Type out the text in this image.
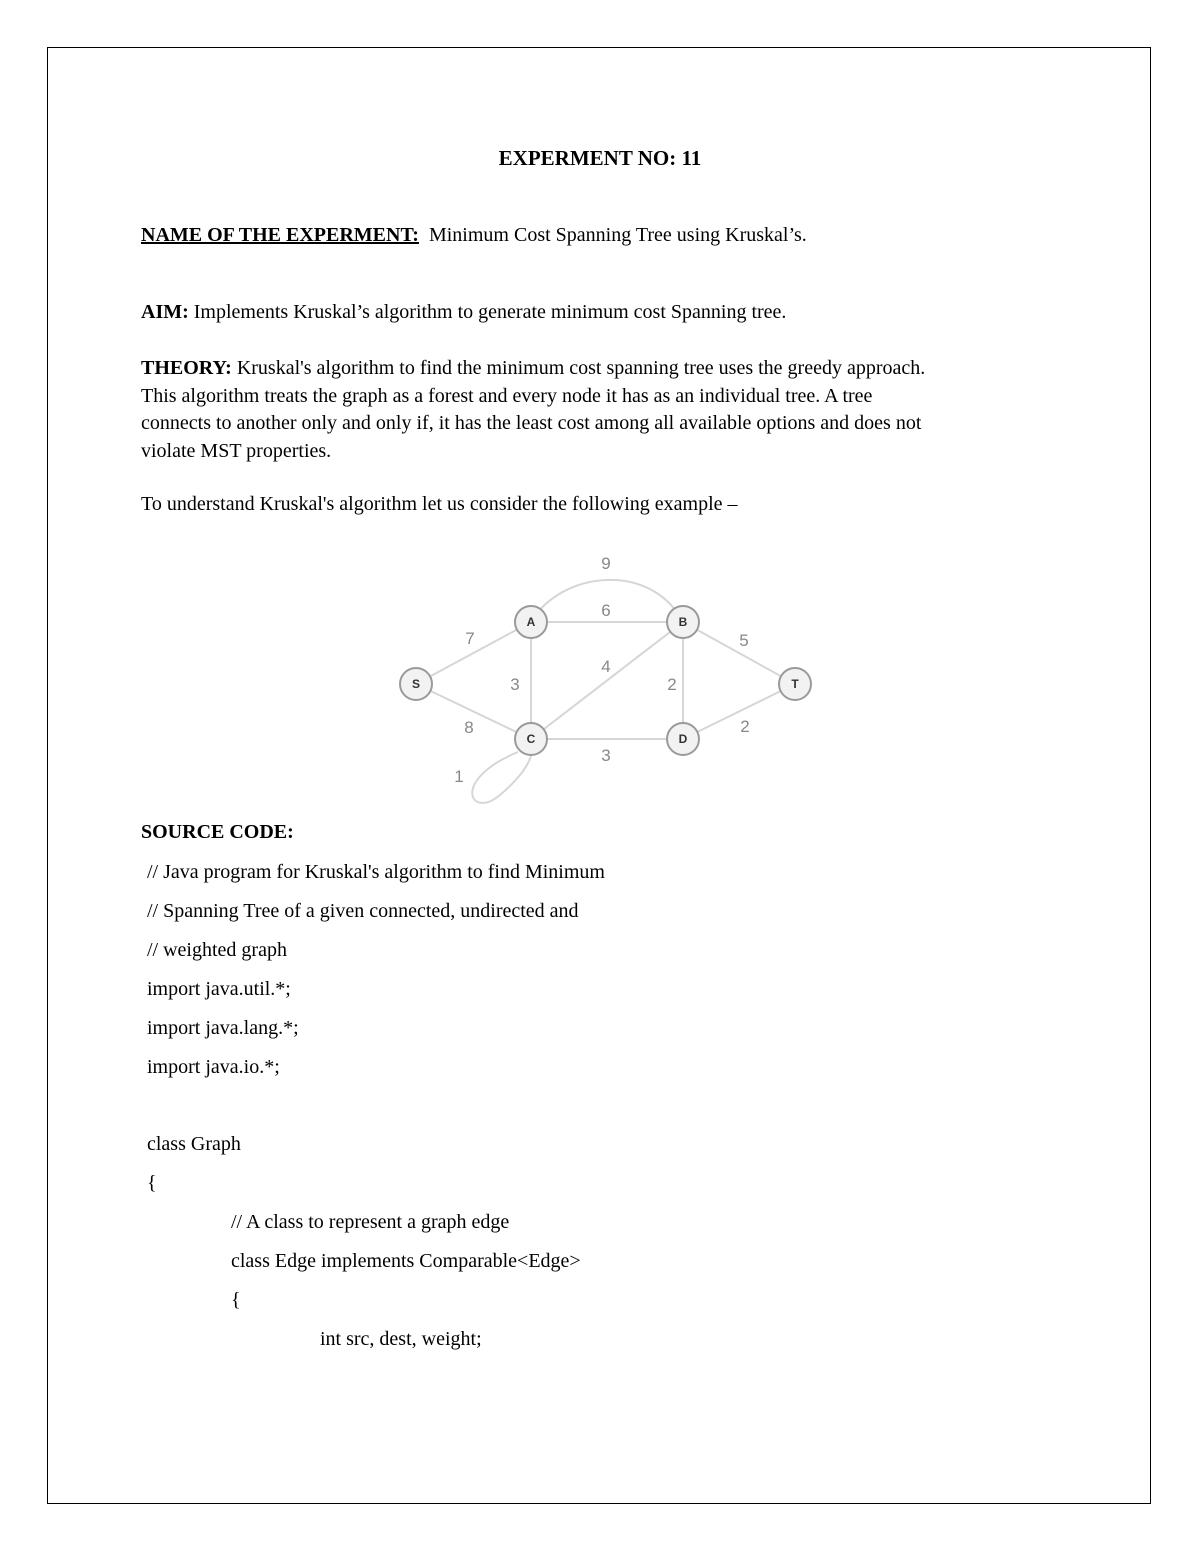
EXPERMENT NO: 11
NAME OF THE EXPERMENT: Minimum Cost Spanning Tree using Kruskal’s.
AIM: Implements Kruskal’s algorithm to generate minimum cost Spanning tree.
THEORY: Kruskal's algorithm to find the minimum cost spanning tree uses the greedy approach.
This algorithm treats the graph as a forest and every node it has as an individual tree. A tree
connects to another only and only if, it has the least cost among all available options and does not
violate MST properties.
To understand Kruskal's algorithm let us consider the following example –
9
6
7	5
3
4
2
8
3
2
1
S
A	B
C	D
T
SOURCE CODE:
// Java program for Kruskal's algorithm to find Minimum
// Spanning Tree of a given connected, undirected and
// weighted graph
import java.util.*;
import java.lang.*;
import java.io.*;
class Graph
{
// A class to represent a graph edge
class Edge implements Comparable<Edge>
{
int src, dest, weight;
